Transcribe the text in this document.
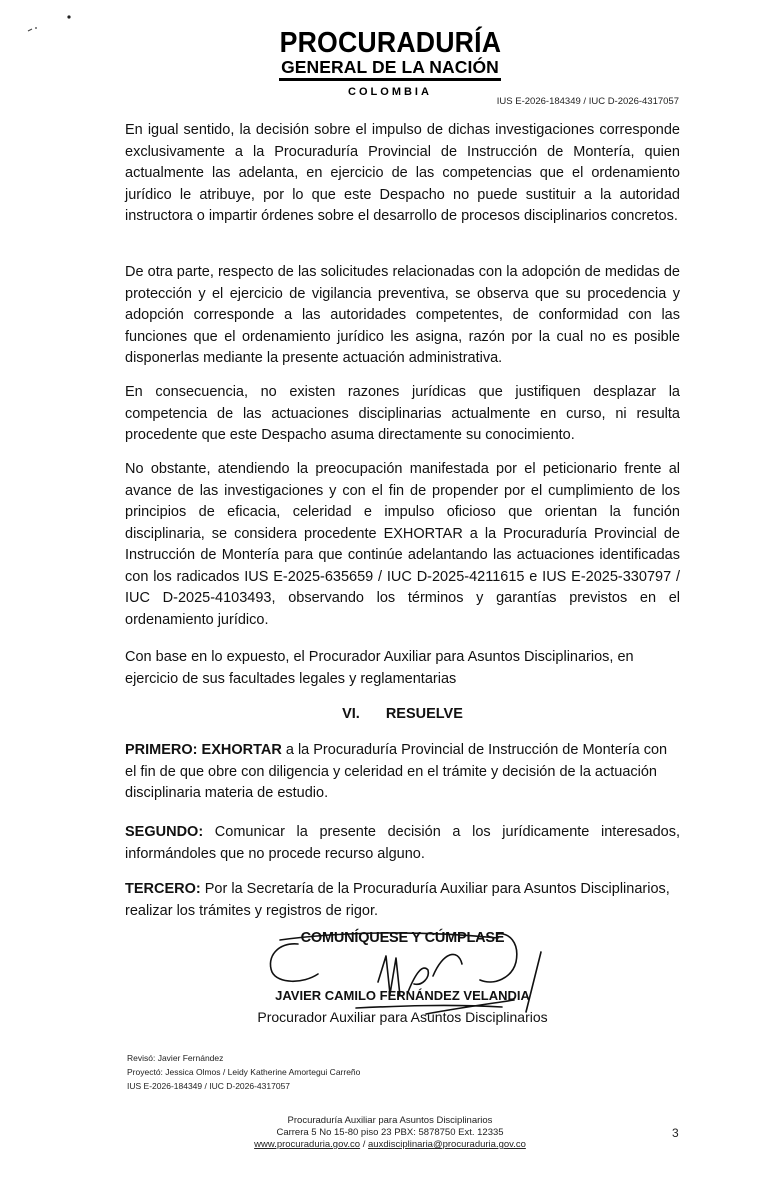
PROCURADURÍA
GENERAL DE LA NACIÓN
COLOMBIA
IUS E-2026-184349 / IUC D-2026-4317057

En igual sentido, la decisión sobre el impulso de dichas investigaciones corresponde exclusivamente a la Procuraduría Provincial de Instrucción de Montería, quien actualmente las adelanta, en ejercicio de las competencias que el ordenamiento jurídico le atribuye, por lo que este Despacho no puede sustituir a la autoridad instructora o impartir órdenes sobre el desarrollo de procesos disciplinarios concretos.

De otra parte, respecto de las solicitudes relacionadas con la adopción de medidas de protección y el ejercicio de vigilancia preventiva, se observa que su procedencia y adopción corresponde a las autoridades competentes, de conformidad con las funciones que el ordenamiento jurídico les asigna, razón por la cual no es posible disponerlas mediante la presente actuación administrativa.

En consecuencia, no existen razones jurídicas que justifiquen desplazar la competencia de las actuaciones disciplinarias actualmente en curso, ni resulta procedente que este Despacho asuma directamente su conocimiento.

No obstante, atendiendo la preocupación manifestada por el peticionario frente al avance de las investigaciones y con el fin de propender por el cumplimiento de los principios de eficacia, celeridad e impulso oficioso que orientan la función disciplinaria, se considera procedente EXHORTAR a la Procuraduría Provincial de Instrucción de Montería para que continúe adelantando las actuaciones identificadas con los radicados IUS E-2025-635659 / IUC D-2025-4211615 e IUS E-2025-330797 / IUC D-2025-4103493, observando los términos y garantías previstos en el ordenamiento jurídico.

Con base en lo expuesto, el Procurador Auxiliar para Asuntos Disciplinarios, en ejercicio de sus facultades legales y reglamentarias

VI. RESUELVE

PRIMERO: EXHORTAR a la Procuraduría Provincial de Instrucción de Montería con el fin de que obre con diligencia y celeridad en el trámite y decisión de la actuación disciplinaria materia de estudio.

SEGUNDO: Comunicar la presente decisión a los jurídicamente interesados, informándoles que no procede recurso alguno.

TERCERO: Por la Secretaría de la Procuraduría Auxiliar para Asuntos Disciplinarios, realizar los trámites y registros de rigor.

COMUNÍQUESE Y CÚMPLASE
JAVIER CAMILO FERNÁNDEZ VELANDIA
Procurador Auxiliar para Asuntos Disciplinarios
Revisó: Javier Fernández
Proyectó: Jessica Olmos / Leidy Katherine Amortegui Carreño
IUS E-2026-184349 / IUC D-2026-4317057
Procuraduría Auxiliar para Asuntos Disciplinarios
Carrera 5 No 15-80 piso 23 PBX: 5878750 Ext. 12335
www.procuraduria.gov.co / auxdisciplinaria@procuraduria.gov.co
3
